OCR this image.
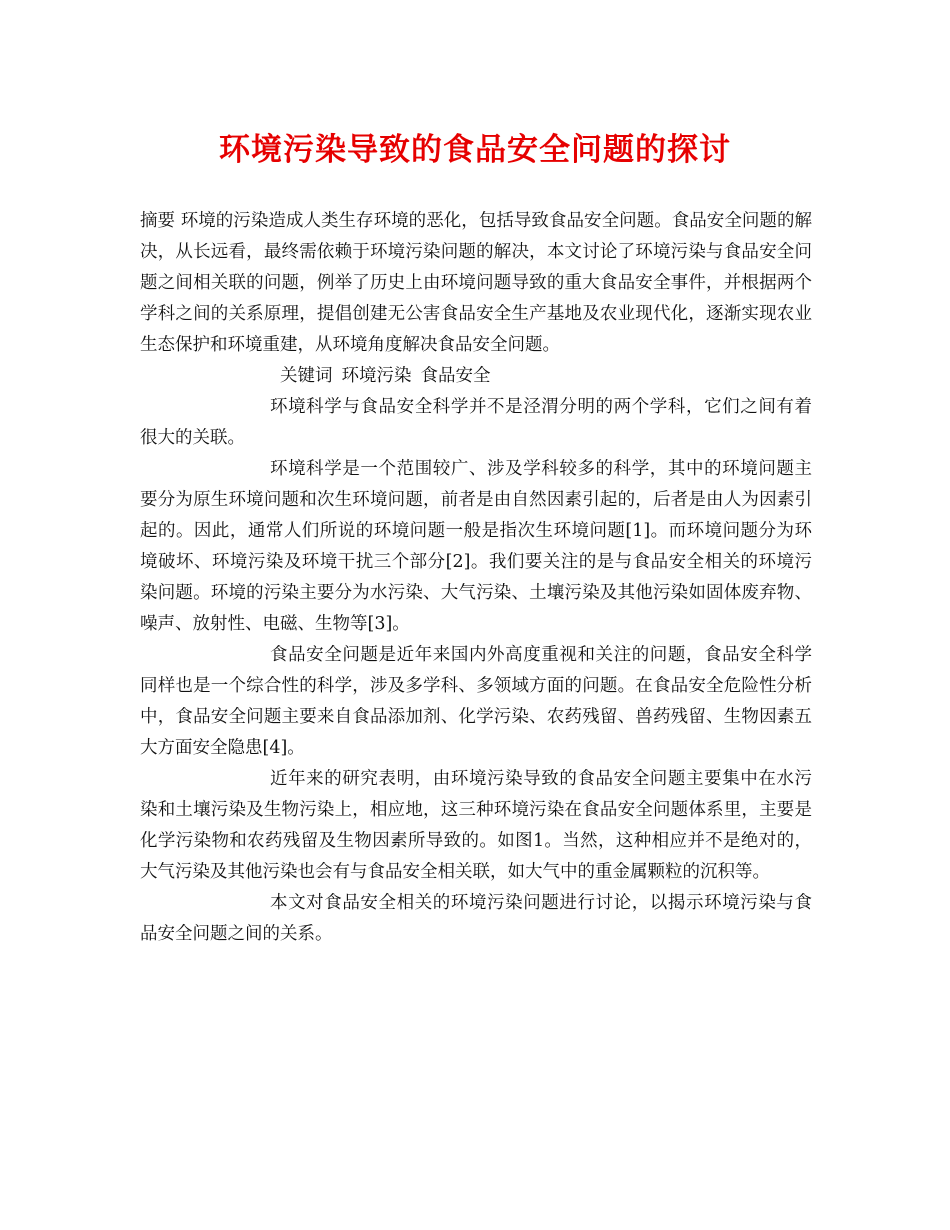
环境污染导致的食品安全问题的探讨

摘要 环境的污染造成人类生存环境的恶化，包括导致食品安全问题。食品安全问题的解决，从长远看，最终需依赖于环境污染问题的解决，本文讨论了环境污染与食品安全问题之间相关联的问题，例举了历史上由环境问题导致的重大食品安全事件，并根据两个学科之间的关系原理，提倡创建无公害食品安全生产基地及农业现代化，逐渐实现农业生态保护和环境重建，从环境角度解决食品安全问题。

关键词 环境污染 食品安全

环境科学与食品安全科学并不是泾渭分明的两个学科，它们之间有着很大的关联。

环境科学是一个范围较广、涉及学科较多的科学，其中的环境问题主要分为原生环境问题和次生环境问题，前者是由自然因素引起的，后者是由人为因素引起的。因此，通常人们所说的环境问题一般是指次生环境问题[1]。而环境问题分为环境破坏、环境污染及环境干扰三个部分[2]。我们要关注的是与食品安全相关的环境污染问题。环境的污染主要分为水污染、大气污染、土壤污染及其他污染如固体废弃物、噪声、放射性、电磁、生物等[3]。

食品安全问题是近年来国内外高度重视和关注的问题，食品安全科学同样也是一个综合性的科学，涉及多学科、多领域方面的问题。在食品安全危险性分析中，食品安全问题主要来自食品添加剂、化学污染、农药残留、兽药残留、生物因素五大方面安全隐患[4]。

近年来的研究表明，由环境污染导致的食品安全问题主要集中在水污染和土壤污染及生物污染上，相应地，这三种环境污染在食品安全问题体系里，主要是化学污染物和农药残留及生物因素所导致的。如图1。当然，这种相应并不是绝对的，大气污染及其他污染也会有与食品安全相关联，如大气中的重金属颗粒的沉积等。

本文对食品安全相关的环境污染问题进行讨论，以揭示环境污染与食品安全问题之间的关系。
